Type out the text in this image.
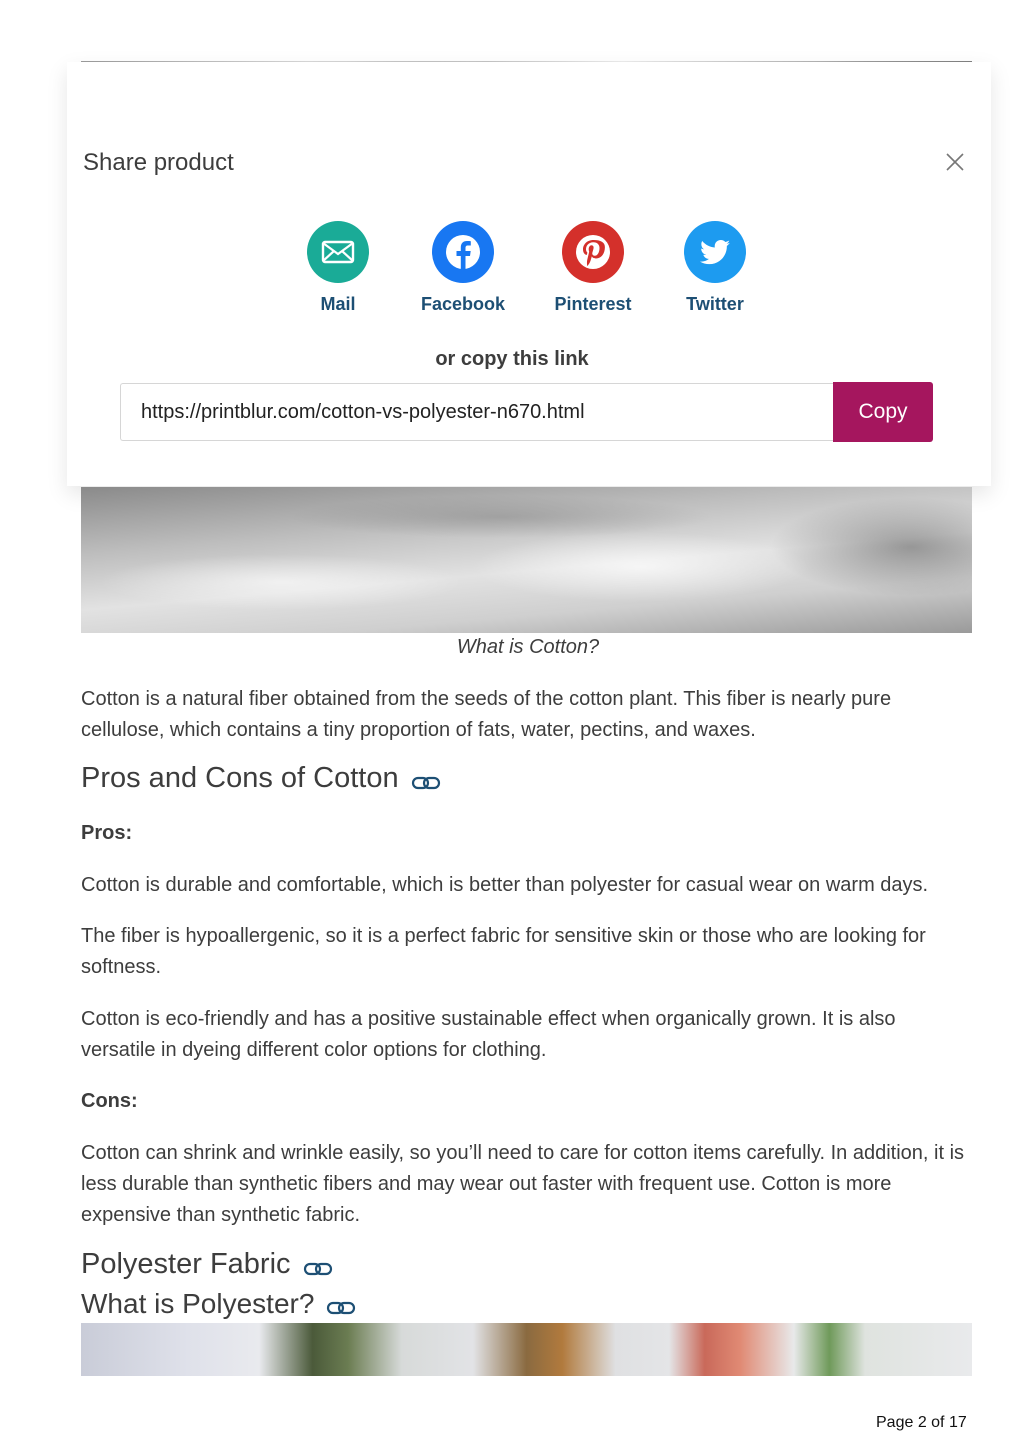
Share product
Mail	Facebook	Pinterest	Twitter
or copy this link
https://printblur.com/cotton-vs-polyester-n670.html
Copy
What is Cotton?

Cotton is a natural fiber obtained from the seeds of the cotton plant. This fiber is nearly pure cellulose, which contains a tiny proportion of fats, water, pectins, and waxes.

Pros and Cons of Cotton

Pros:

Cotton is durable and comfortable, which is better than polyester for casual wear on warm days.

The fiber is hypoallergenic, so it is a perfect fabric for sensitive skin or those who are looking for softness.

Cotton is eco-friendly and has a positive sustainable effect when organically grown. It is also versatile in dyeing different color options for clothing.

Cons:

Cotton can shrink and wrinkle easily, so you’ll need to care for cotton items carefully. In addition, it is less durable than synthetic fibers and may wear out faster with frequent use. Cotton is more expensive than synthetic fabric.

Polyester Fabric
What is Polyester?
Page 2 of 17
